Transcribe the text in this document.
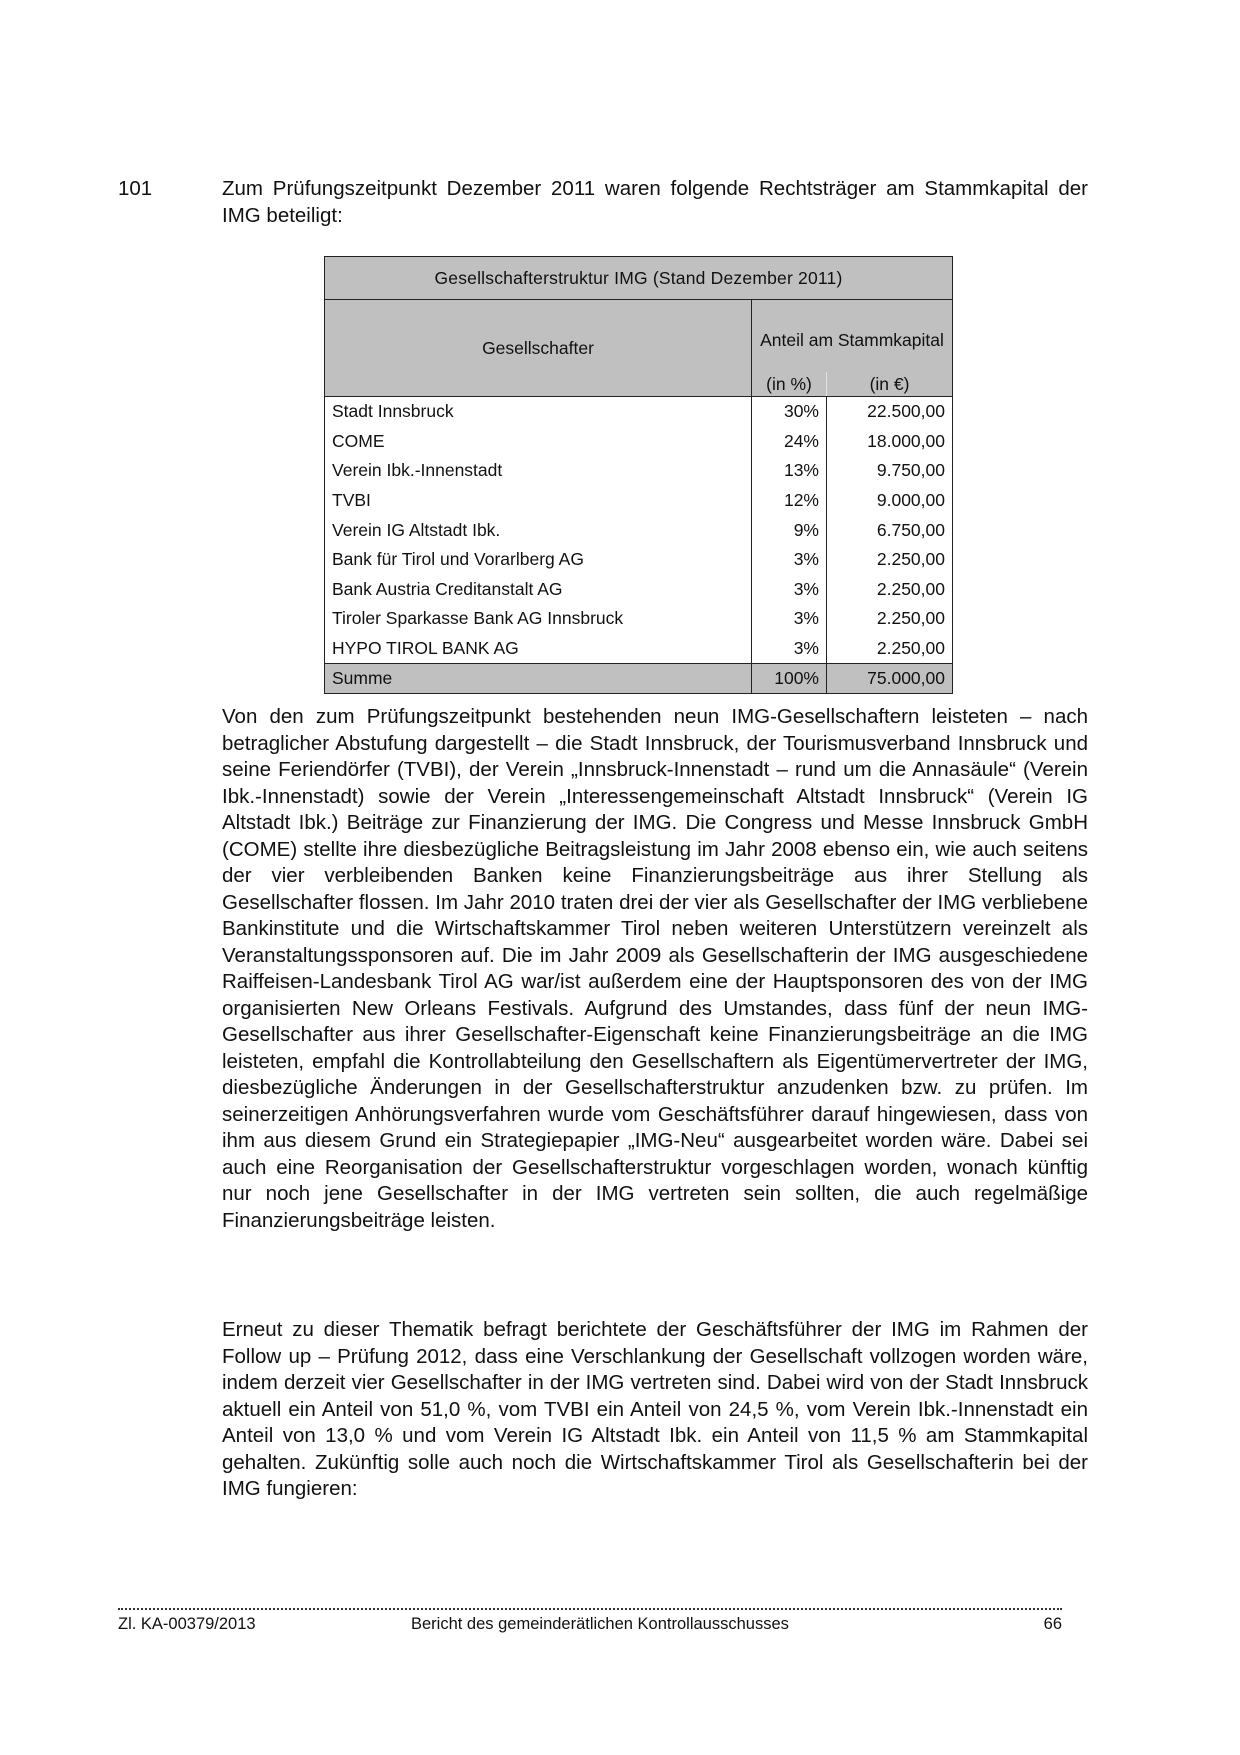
101	Zum Prüfungszeitpunkt Dezember 2011 waren folgende Rechtsträger am Stammkapital der IMG beteiligt:
Gesellschafterstruktur IMG (Stand Dezember 2011)		
Gesellschafter	Anteil am Stammkapital	
	(in %)	(in €)
Stadt Innsbruck	30%	22.500,00
COME	24%	18.000,00
Verein Ibk.-Innenstadt	13%	9.750,00
TVBI	12%	9.000,00
Verein IG Altstadt Ibk.	9%	6.750,00
Bank für Tirol und Vorarlberg AG	3%	2.250,00
Bank Austria Creditanstalt AG	3%	2.250,00
Tiroler Sparkasse Bank AG Innsbruck	3%	2.250,00
HYPO TIROL BANK AG	3%	2.250,00
Summe	100%	75.000,00

Von den zum Prüfungszeitpunkt bestehenden neun IMG-Gesellschaftern leisteten – nach betraglicher Abstufung dargestellt – die Stadt Innsbruck, der Tourismusverband Innsbruck und seine Feriendörfer (TVBI), der Verein „Innsbruck-Innenstadt – rund um die Annasäule“ (Verein Ibk.-Innenstadt) sowie der Verein „Interessengemeinschaft Altstadt Innsbruck“ (Verein IG Altstadt Ibk.) Beiträge zur Finanzierung der IMG. Die Congress und Messe Innsbruck GmbH (COME) stellte ihre diesbezügliche Beitragsleistung im Jahr 2008 ebenso ein, wie auch seitens der vier verbleibenden Banken keine Finanzierungsbeiträge aus ihrer Stellung als Gesellschafter flossen. Im Jahr 2010 traten drei der vier als Gesellschafter der IMG verbliebene Bankinstitute und die Wirtschaftskammer Tirol neben weiteren Unterstützern vereinzelt als Veranstaltungssponsoren auf. Die im Jahr 2009 als Gesellschafterin der IMG ausgeschiedene Raiffeisen-Landesbank Tirol AG war/ist außerdem eine der Hauptsponsoren des von der IMG organisierten New Orleans Festivals. Aufgrund des Umstandes, dass fünf der neun IMG-Gesellschafter aus ihrer Gesellschafter-Eigenschaft keine Finanzierungsbeiträge an die IMG leisteten, empfahl die Kontrollabteilung den Gesellschaftern als Eigentümervertreter der IMG, diesbezügliche Änderungen in der Gesellschafterstruktur anzudenken bzw. zu prüfen. Im seinerzeitigen Anhörungsverfahren wurde vom Geschäftsführer darauf hingewiesen, dass von ihm aus diesem Grund ein Strategiepapier „IMG-Neu“ ausgearbeitet worden wäre. Dabei sei auch eine Reorganisation der Gesellschafterstruktur vorgeschlagen worden, wonach künftig nur noch jene Gesellschafter in der IMG vertreten sein sollten, die auch regelmäßige Finanzierungsbeiträge leisten.

Erneut zu dieser Thematik befragt berichtete der Geschäftsführer der IMG im Rahmen der Follow up – Prüfung 2012, dass eine Verschlankung der Gesellschaft vollzogen worden wäre, indem derzeit vier Gesellschafter in der IMG vertreten sind. Dabei wird von der Stadt Innsbruck aktuell ein Anteil von 51,0 %, vom TVBI ein Anteil von 24,5 %, vom Verein Ibk.-Innenstadt ein Anteil von 13,0 % und vom Verein IG Altstadt Ibk. ein Anteil von 11,5 % am Stammkapital gehalten. Zukünftig solle auch noch die Wirtschaftskammer Tirol als Gesellschafterin bei der IMG fungieren:

Zl. KA-00379/2013	Bericht des gemeinderätlichen Kontrollausschusses	66
